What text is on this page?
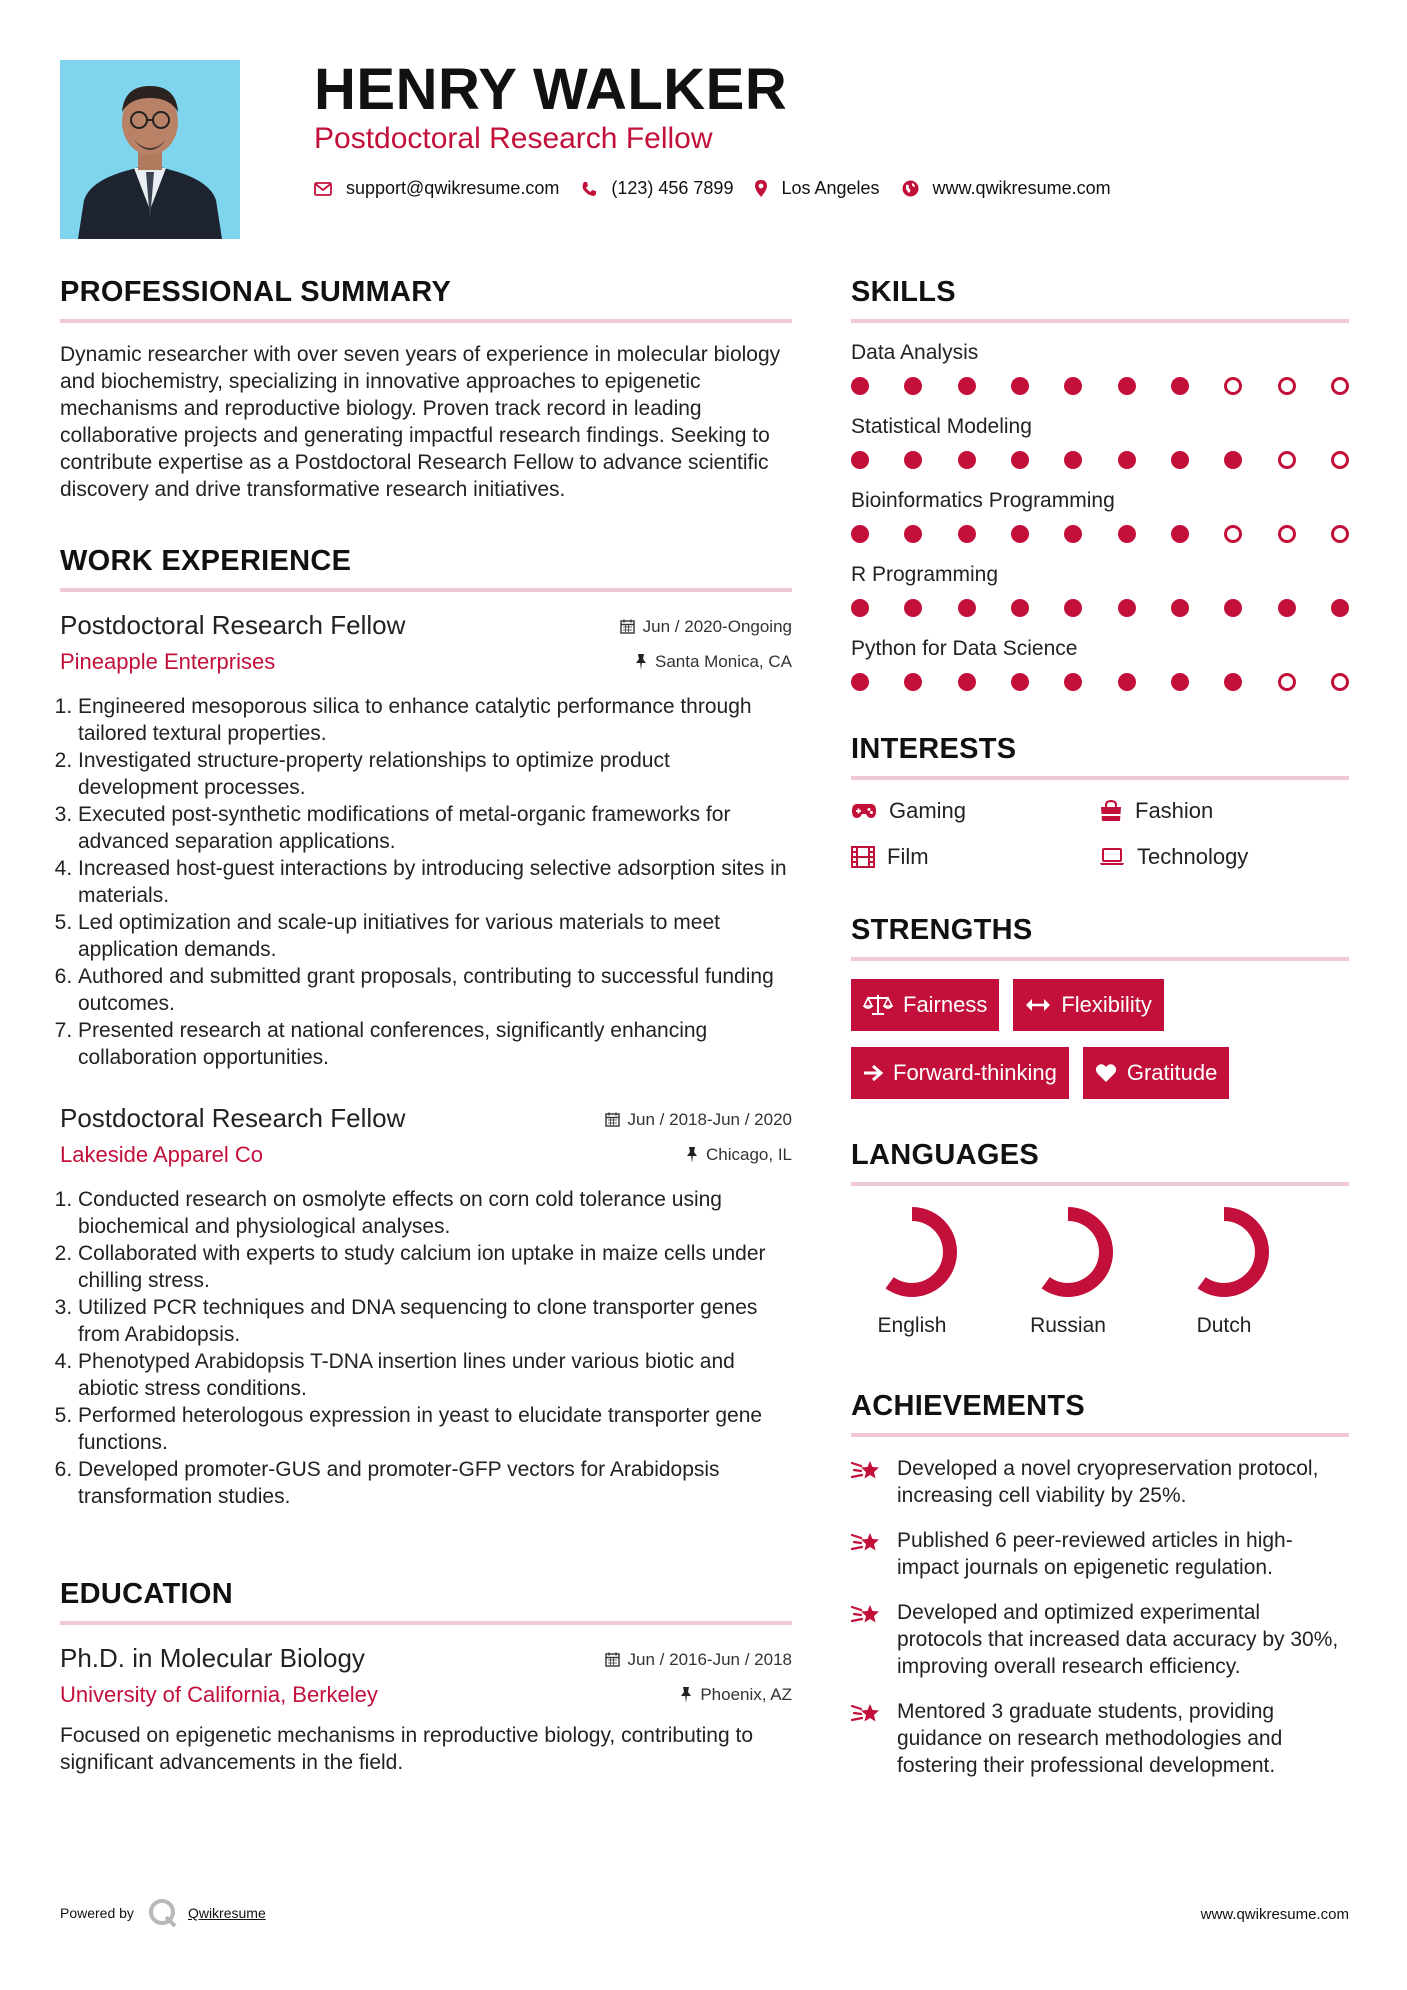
HENRY WALKER
Postdoctoral Research Fellow
support@qwikresume.com	(123) 456 7899	Los Angeles	www.qwikresume.com
PROFESSIONAL SUMMARY

Dynamic researcher with over seven years of experience in molecular biology and biochemistry, specializing in innovative approaches to epigenetic mechanisms and reproductive biology. Proven track record in leading collaborative projects and generating impactful research findings. Seeking to contribute expertise as a Postdoctoral Research Fellow to advance scientific discovery and drive transformative research initiatives.

WORK EXPERIENCE
Postdoctoral Research Fellow	Jun / 2020-Ongoing
Pineapple Enterprises	Santa Monica, CA
1. Engineered mesoporous silica to enhance catalytic performance through tailored textural properties.
2. Investigated structure-property relationships to optimize product development processes.
3. Executed post-synthetic modifications of metal-organic frameworks for advanced separation applications.
4. Increased host-guest interactions by introducing selective adsorption sites in materials.
5. Led optimization and scale-up initiatives for various materials to meet application demands.
6. Authored and submitted grant proposals, contributing to successful funding outcomes.
7. Presented research at national conferences, significantly enhancing collaboration opportunities.
Postdoctoral Research Fellow	Jun / 2018-Jun / 2020
Lakeside Apparel Co	Chicago, IL
1. Conducted research on osmolyte effects on corn cold tolerance using biochemical and physiological analyses.
2. Collaborated with experts to study calcium ion uptake in maize cells under chilling stress.
3. Utilized PCR techniques and DNA sequencing to clone transporter genes from Arabidopsis.
4. Phenotyped Arabidopsis T-DNA insertion lines under various biotic and abiotic stress conditions.
5. Performed heterologous expression in yeast to elucidate transporter gene functions.
6. Developed promoter-GUS and promoter-GFP vectors for Arabidopsis transformation studies.
EDUCATION
Ph.D. in Molecular Biology	Jun / 2016-Jun / 2018
University of California, Berkeley	Phoenix, AZ

Focused on epigenetic mechanisms in reproductive biology, contributing to significant advancements in the field.

SKILLS
Data Analysis
Statistical Modeling
Bioinformatics Programming
R Programming
Python for Data Science
INTERESTS
Gaming	Fashion
Film	Technology
STRENGTHS
Fairness	Flexibility
Forward-thinking	Gratitude
LANGUAGES
English	Russian	Dutch
ACHIEVEMENTS
Developed a novel cryopreservation protocol, increasing cell viability by 25%.
Published 6 peer-reviewed articles in high-impact journals on epigenetic regulation.
Developed and optimized experimental protocols that increased data accuracy by 30%, improving overall research efficiency.
Mentored 3 graduate students, providing guidance on research methodologies and fostering their professional development.
Powered by	Qwikresume	www.qwikresume.com
